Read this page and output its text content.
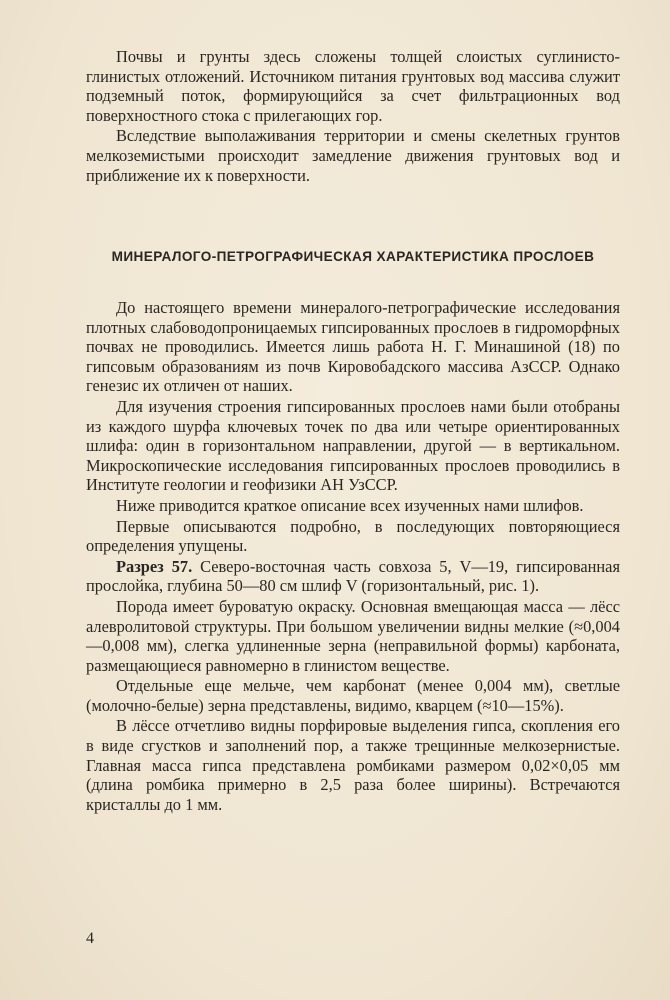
Почвы и грунты здесь сложены толщей слоистых суглинисто-глинистых отложений. Источником питания грунтовых вод массива служит подземный поток, формирующийся за счет фильтрационных вод поверхностного стока с прилегающих гор.

Вследствие выполаживания территории и смены скелетных грунтов мелкоземистыми происходит замедление движения грунтовых вод и приближение их к поверхности.

МИНЕРАЛОГО-ПЕТРОГРАФИЧЕСКАЯ ХАРАКТЕРИСТИКА ПРОСЛОЕВ

До настоящего времени минералого-петрографические исследования плотных слабоводопроницаемых гипсированных прослоев в гидроморфных почвах не проводились. Имеется лишь работа Н. Г. Минашиной (18) по гипсовым образованиям из почв Кировобадского массива АзССР. Однако генезис их отличен от наших.

Для изучения строения гипсированных прослоев нами были отобраны из каждого шурфа ключевых точек по два или четыре ориентированных шлифа: один в горизонтальном направлении, другой — в вертикальном. Микроскопические исследования гипсированных прослоев проводились в Институте геологии и геофизики АН УзССР.

Ниже приводится краткое описание всех изученных нами шлифов.

Первые описываются подробно, в последующих повторяющиеся определения упущены.

Разрез 57. Северо-восточная часть совхоза 5, V—19, гипсированная прослойка, глубина 50—80 см шлиф V (горизонтальный, рис. 1).

Порода имеет буроватую окраску. Основная вмещающая масса — лёсс алевролитовой структуры. При большом увеличении видны мелкие (≈0,004—0,008 мм), слегка удлиненные зерна (неправильной формы) карбоната, размещающиеся равномерно в глинистом веществе.

Отдельные еще мельче, чем карбонат (менее 0,004 мм), светлые (молочно-белые) зерна представлены, видимо, кварцем (≈10—15%).

В лёссе отчетливо видны порфировые выделения гипса, скопления его в виде сгустков и заполнений пор, а также трещинные мелкозернистые. Главная масса гипса представлена ромбиками размером 0,02×0,05 мм (длина ромбика примерно в 2,5 раза более ширины). Встречаются кристаллы до 1 мм.

4
